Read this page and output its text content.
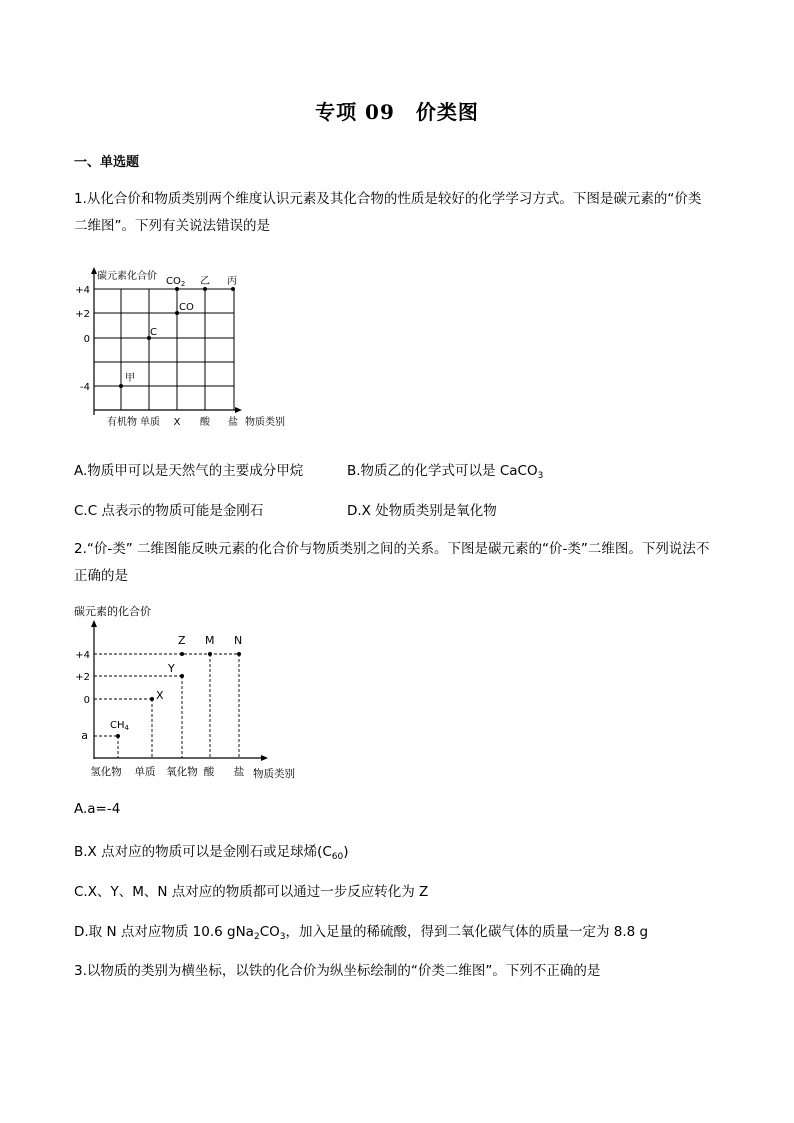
专项 09　价类图
一、单选题
1.从化合价和物质类别两个维度认识元素及其化合物的性质是较好的化学学习方式。下图是碳元素的“价类
二维图”。下列有关说法错误的是
碳元素化合价
+4
+2
0
-4
有机物 单质 X 酸 盐 物质类别
甲
C
CO
$CO_2$ 乙 丙
A.物质甲可以是天然气的主要成分甲烷	B.物质乙的化学式可以是 CaCO$_3$
C.C 点表示的物质可能是金刚石	D.X 处物质类别是氧化物
2.“价-类” 二维图能反映元素的化合价与物质类别之间的关系。下图是碳元素的“价-类”二维图。下列说法不
正确的是
碳元素的化合价
+4
+2
0
a
$CH_4$
X
Y
Z M N
氢化物 单质 氧化物 酸 盐 物质类别
A.a=-4
B.X 点对应的物质可以是金刚石或足球烯$(C_{60})$
C.X、Y、M、N 点对应的物质都可以通过一步反应转化为 Z
D.取 N 点对应物质 10.6 $gNa_2CO_3$，加入足量的稀硫酸，得到二氧化碳气体的质量一定为 8.8 g
3.以物质的类别为横坐标，以铁的化合价为纵坐标绘制的“价类二维图”。下列不正确的是
